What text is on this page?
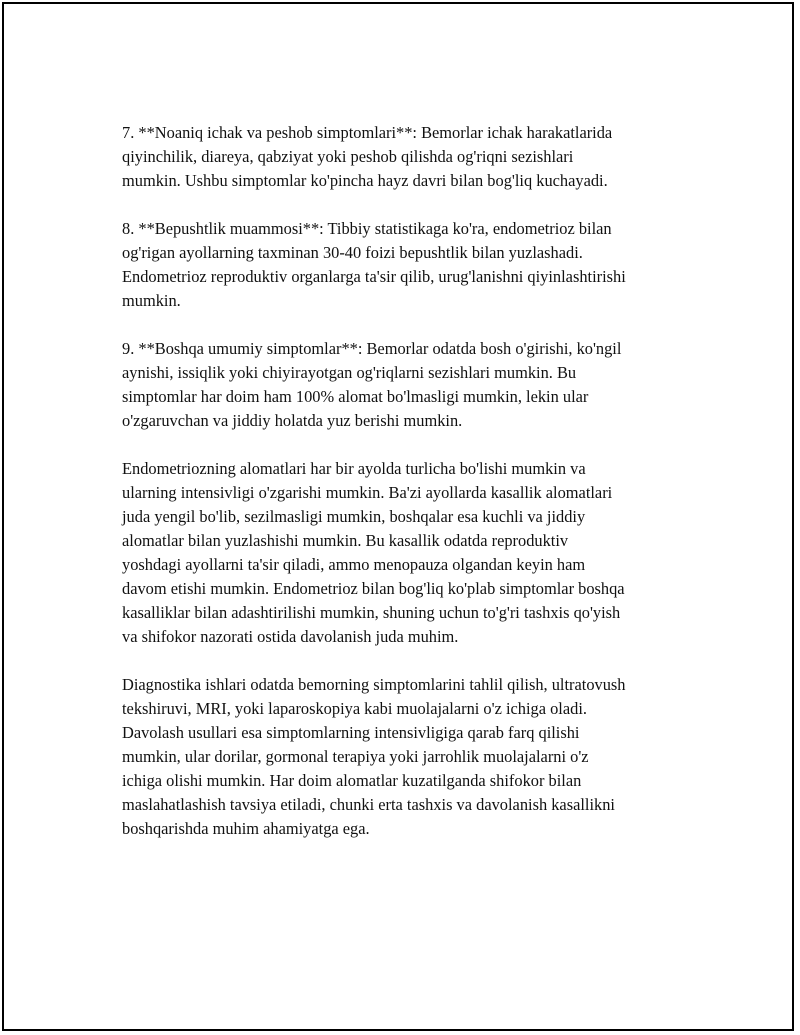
7. **Noaniq ichak va peshob simptomlari**: Bemorlar ichak harakatlarida
qiyinchilik, diareya, qabziyat yoki peshob qilishda og'riqni sezishlari
mumkin. Ushbu simptomlar ko'pincha hayz davri bilan bog'liq kuchayadi.

8. **Bepushtlik muammosi**: Tibbiy statistikaga ko'ra, endometrioz bilan
og'rigan ayollarning taxminan 30-40 foizi bepushtlik bilan yuzlashadi.
Endometrioz reproduktiv organlarga ta'sir qilib, urug'lanishni qiyinlashtirishi
mumkin.

9. **Boshqa umumiy simptomlar**: Bemorlar odatda bosh o'girishi, ko'ngil
aynishi, issiqlik yoki chiyirayotgan og'riqlarni sezishlari mumkin. Bu
simptomlar har doim ham 100% alomat bo'lmasligi mumkin, lekin ular
o'zgaruvchan va jiddiy holatda yuz berishi mumkin.

Endometriozning alomatlari har bir ayolda turlicha bo'lishi mumkin va
ularning intensivligi o'zgarishi mumkin. Ba'zi ayollarda kasallik alomatlari
juda yengil bo'lib, sezilmasligi mumkin, boshqalar esa kuchli va jiddiy
alomatlar bilan yuzlashishi mumkin. Bu kasallik odatda reproduktiv
yoshdagi ayollarni ta'sir qiladi, ammo menopauza olgandan keyin ham
davom etishi mumkin. Endometrioz bilan bog'liq ko'plab simptomlar boshqa
kasalliklar bilan adashtirilishi mumkin, shuning uchun to'g'ri tashxis qo'yish
va shifokor nazorati ostida davolanish juda muhim.

Diagnostika ishlari odatda bemorning simptomlarini tahlil qilish, ultratovush
tekshiruvi, MRI, yoki laparoskopiya kabi muolajalarni o'z ichiga oladi.
Davolash usullari esa simptomlarning intensivligiga qarab farq qilishi
mumkin, ular dorilar, gormonal terapiya yoki jarrohlik muolajalarni o'z
ichiga olishi mumkin. Har doim alomatlar kuzatilganda shifokor bilan
maslahatlashish tavsiya etiladi, chunki erta tashxis va davolanish kasallikni
boshqarishda muhim ahamiyatga ega.
